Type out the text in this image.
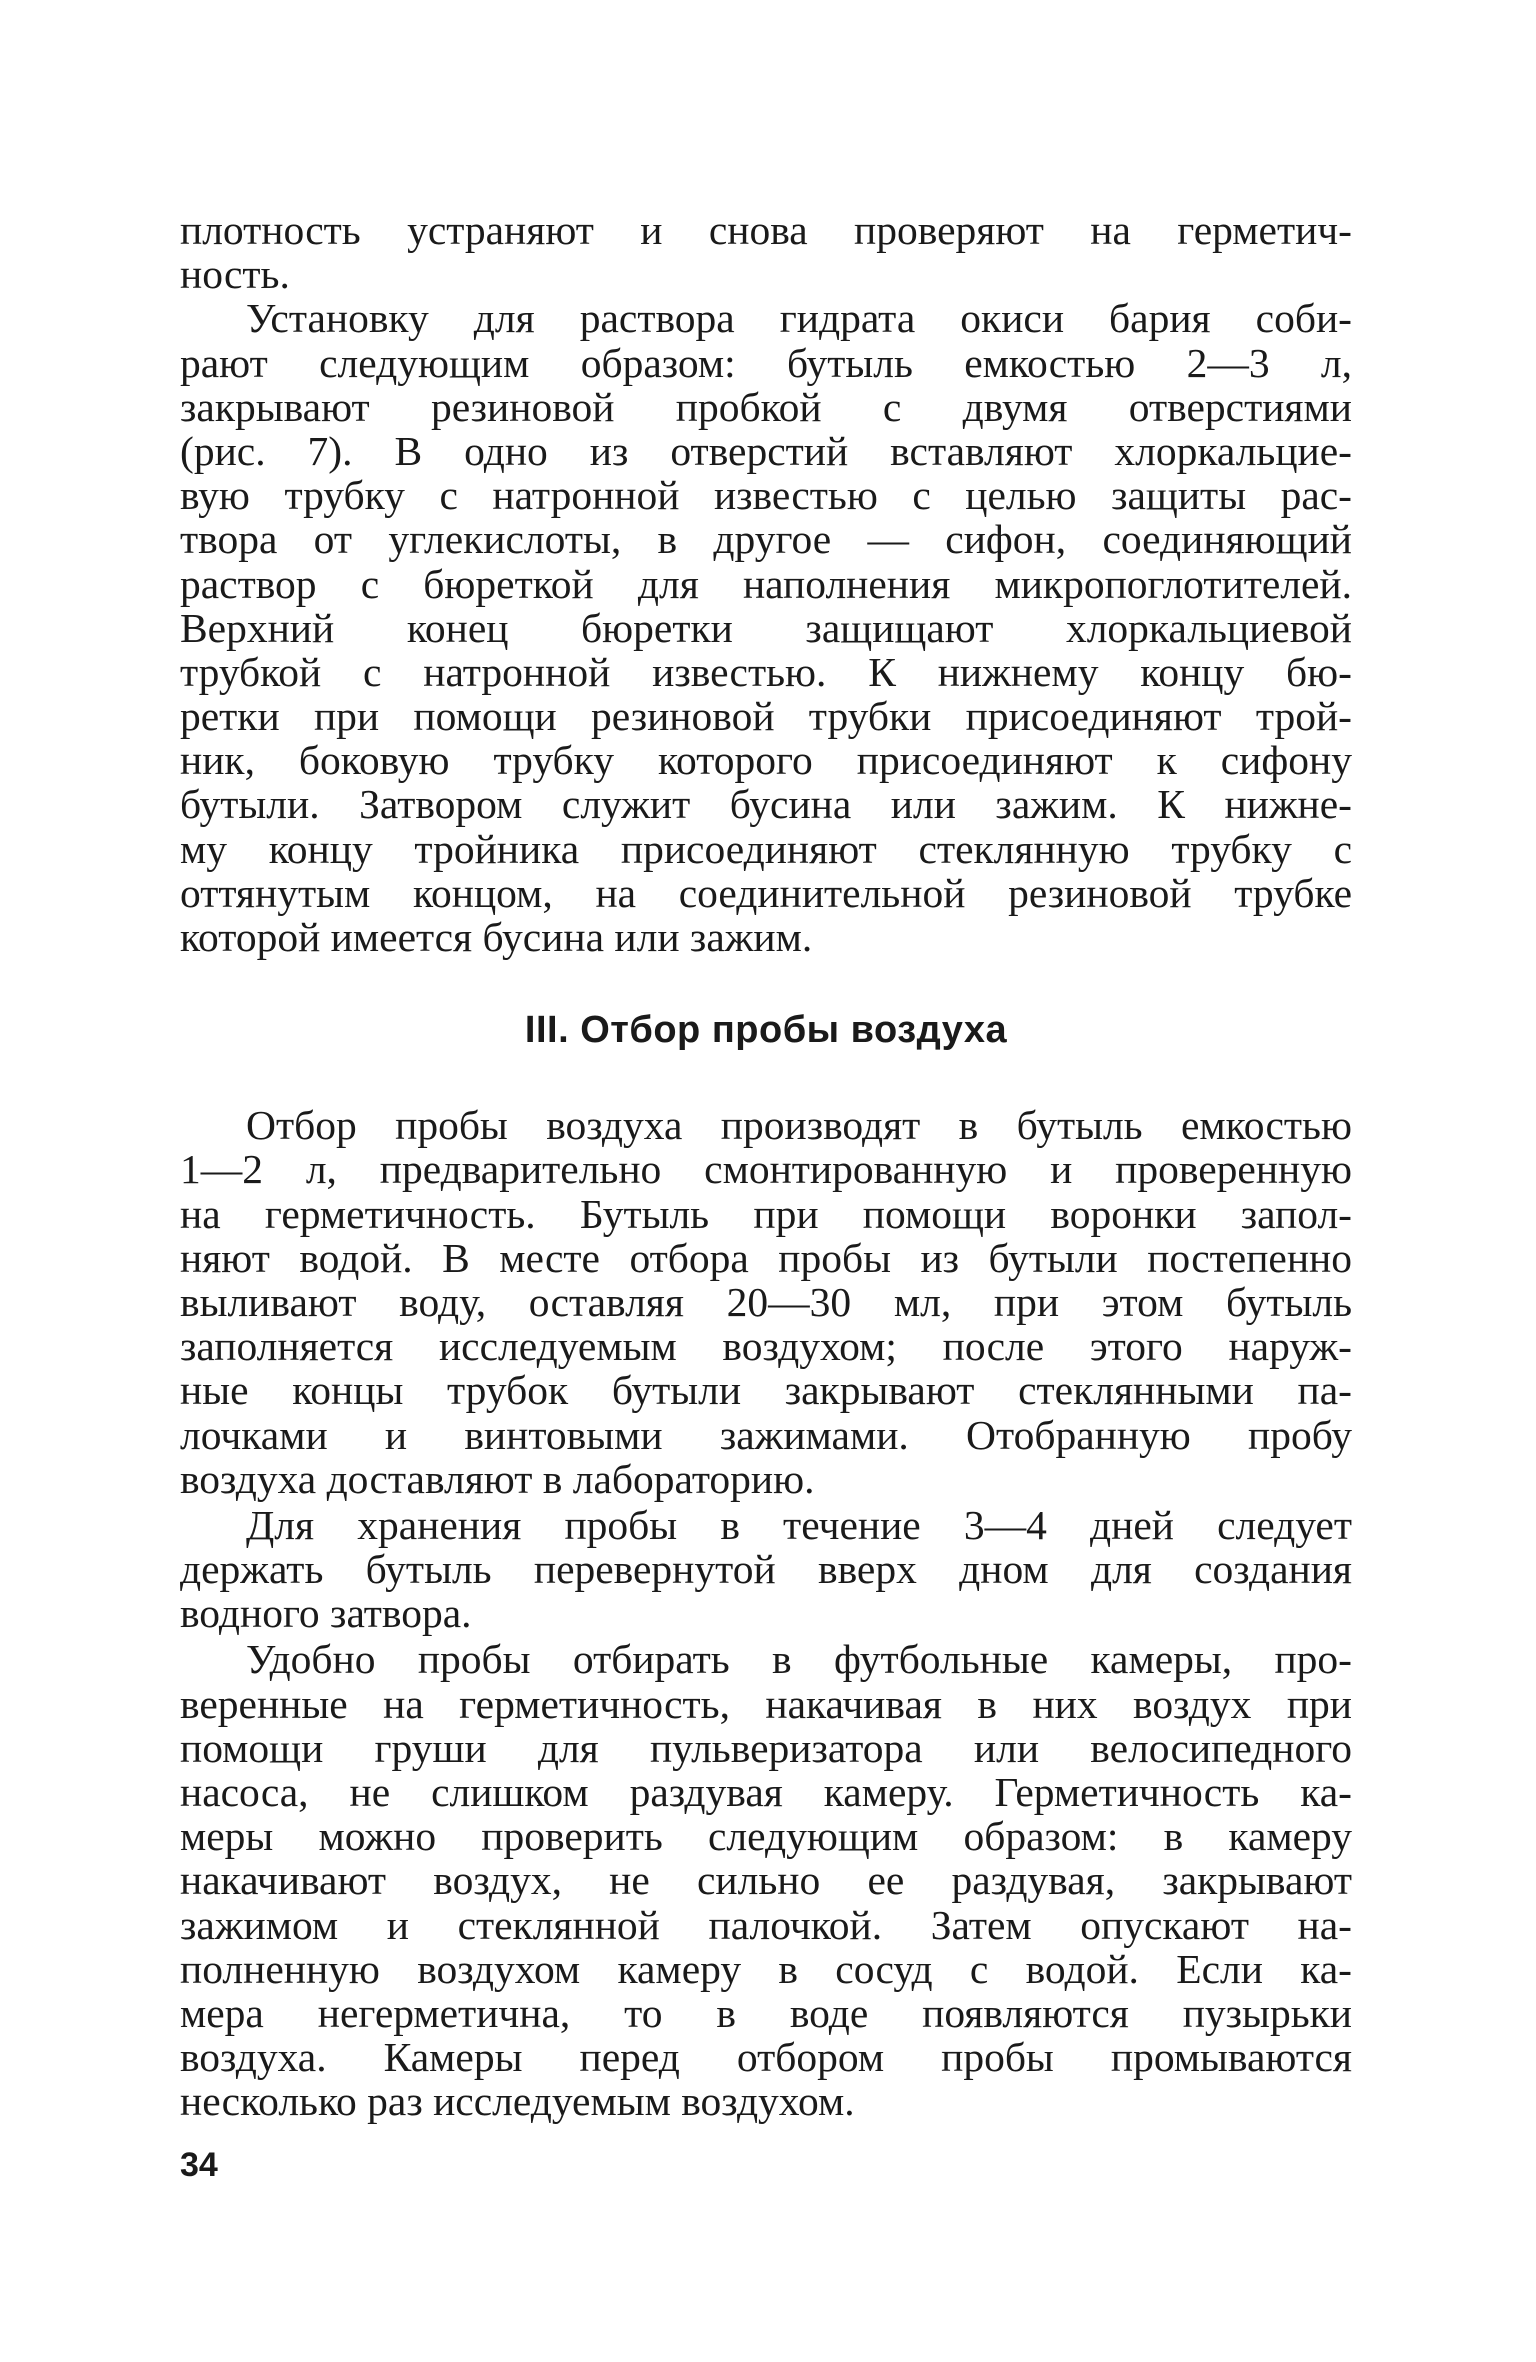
плотность устраняют и снова проверяют на герметич-
ность.
Установку для раствора гидрата окиси бария соби-
рают следующим образом: бутыль емкостью 2—3 л,
закрывают резиновой пробкой с двумя отверстиями
(рис. 7). В одно из отверстий вставляют хлоркальцие-
вую трубку с натронной известью с целью защиты рас-
твора от углекислоты, в другое — сифон, соединяющий
раствор с бюреткой для наполнения микропоглотителей.
Верхний конец бюретки защищают хлоркальциевой
трубкой с натронной известью. К нижнему концу бю-
ретки при помощи резиновой трубки присоединяют трой-
ник, боковую трубку которого присоединяют к сифону
бутыли. Затвором служит бусина или зажим. К нижне-
му концу тройника присоединяют стеклянную трубку с
оттянутым концом, на соединительной резиновой трубке
которой имеется бусина или зажим.
III. Отбор пробы воздуха
Отбор пробы воздуха производят в бутыль емкостью
1—2 л, предварительно смонтированную и проверенную
на герметичность. Бутыль при помощи воронки запол-
няют водой. В месте отбора пробы из бутыли постепенно
выливают воду, оставляя 20—30 мл, при этом бутыль
заполняется исследуемым воздухом; после этого наруж-
ные концы трубок бутыли закрывают стеклянными па-
лочками и винтовыми зажимами. Отобранную пробу
воздуха доставляют в лабораторию.
Для хранения пробы в течение 3—4 дней следует
держать бутыль перевернутой вверх дном для создания
водного затвора.
Удобно пробы отбирать в футбольные камеры, про-
веренные на герметичность, накачивая в них воздух при
помощи груши для пульверизатора или велосипедного
насоса, не слишком раздувая камеру. Герметичность ка-
меры можно проверить следующим образом: в камеру
накачивают воздух, не сильно ее раздувая, закрывают
зажимом и стеклянной палочкой. Затем опускают на-
полненную воздухом камеру в сосуд с водой. Если ка-
мера негерметична, то в воде появляются пузырьки
воздуха. Камеры перед отбором пробы промываются
несколько раз исследуемым воздухом.
34
